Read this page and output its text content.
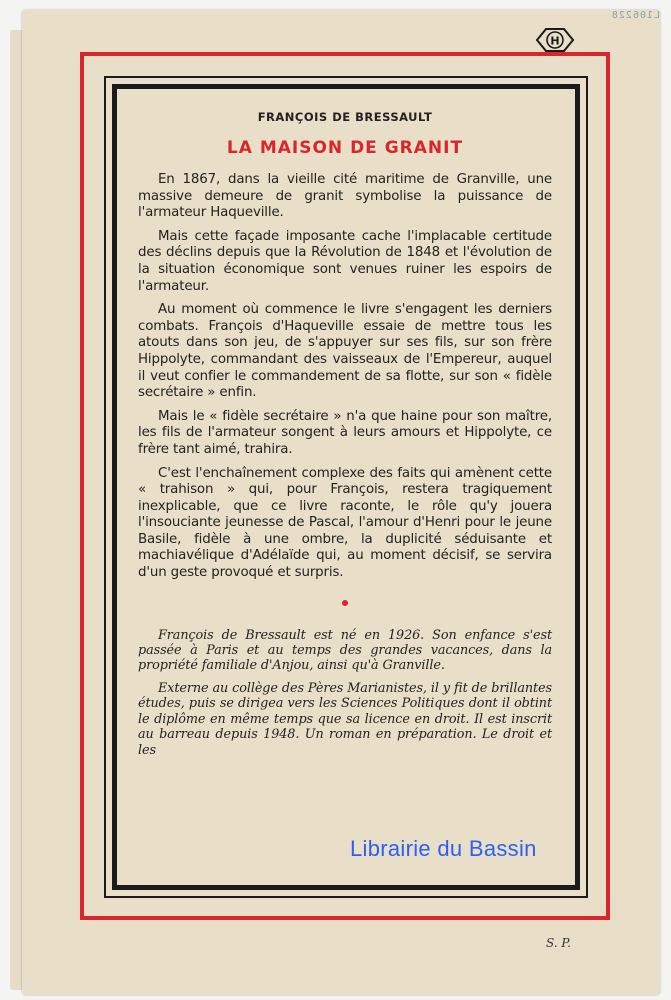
L106228
H
FRANÇOIS DE BRESSAULT
LA MAISON DE GRANIT

En 1867, dans la vieille cité maritime de Granville, une massive demeure de granit symbolise la puissance de l'armateur Haqueville.

Mais cette façade imposante cache l'implacable certitude des déclins depuis que la Révolution de 1848 et l'évolution de la situation économique sont venues ruiner les espoirs de l'armateur.

Au moment où commence le livre s'engagent les derniers combats. François d'Haqueville essaie de mettre tous les atouts dans son jeu, de s'appuyer sur ses fils, sur son frère Hippolyte, commandant des vaisseaux de l'Empereur, auquel il veut confier le commandement de sa flotte, sur son « fidèle secrétaire » enfin.

Mais le « fidèle secrétaire » n'a que haine pour son maître, les fils de l'armateur songent à leurs amours et Hippolyte, ce frère tant aimé, trahira.

C'est l'enchaînement complexe des faits qui amènent cette « trahison » qui, pour François, restera tragiquement inexplicable, que ce livre raconte, le rôle qu'y jouera l'insouciante jeunesse de Pascal, l'amour d'Henri pour le jeune Basile, fidèle à une ombre, la duplicité séduisante et machiavélique d'Adélaïde qui, au moment décisif, se servira d'un geste provoqué et surpris.

François de Bressault est né en 1926. Son enfance s'est passée à Paris et au temps des grandes vacances, dans la propriété familiale d'Anjou, ainsi qu'à Granville.

Externe au collège des Pères Marianistes, il y fit de brillantes études, puis se dirigea vers les Sciences Politiques dont il obtint le diplôme en même temps que sa licence en droit. Il est inscrit au barreau depuis 1948. Un roman en préparation. Le droit et les

Librairie du Bassin
S. P.
